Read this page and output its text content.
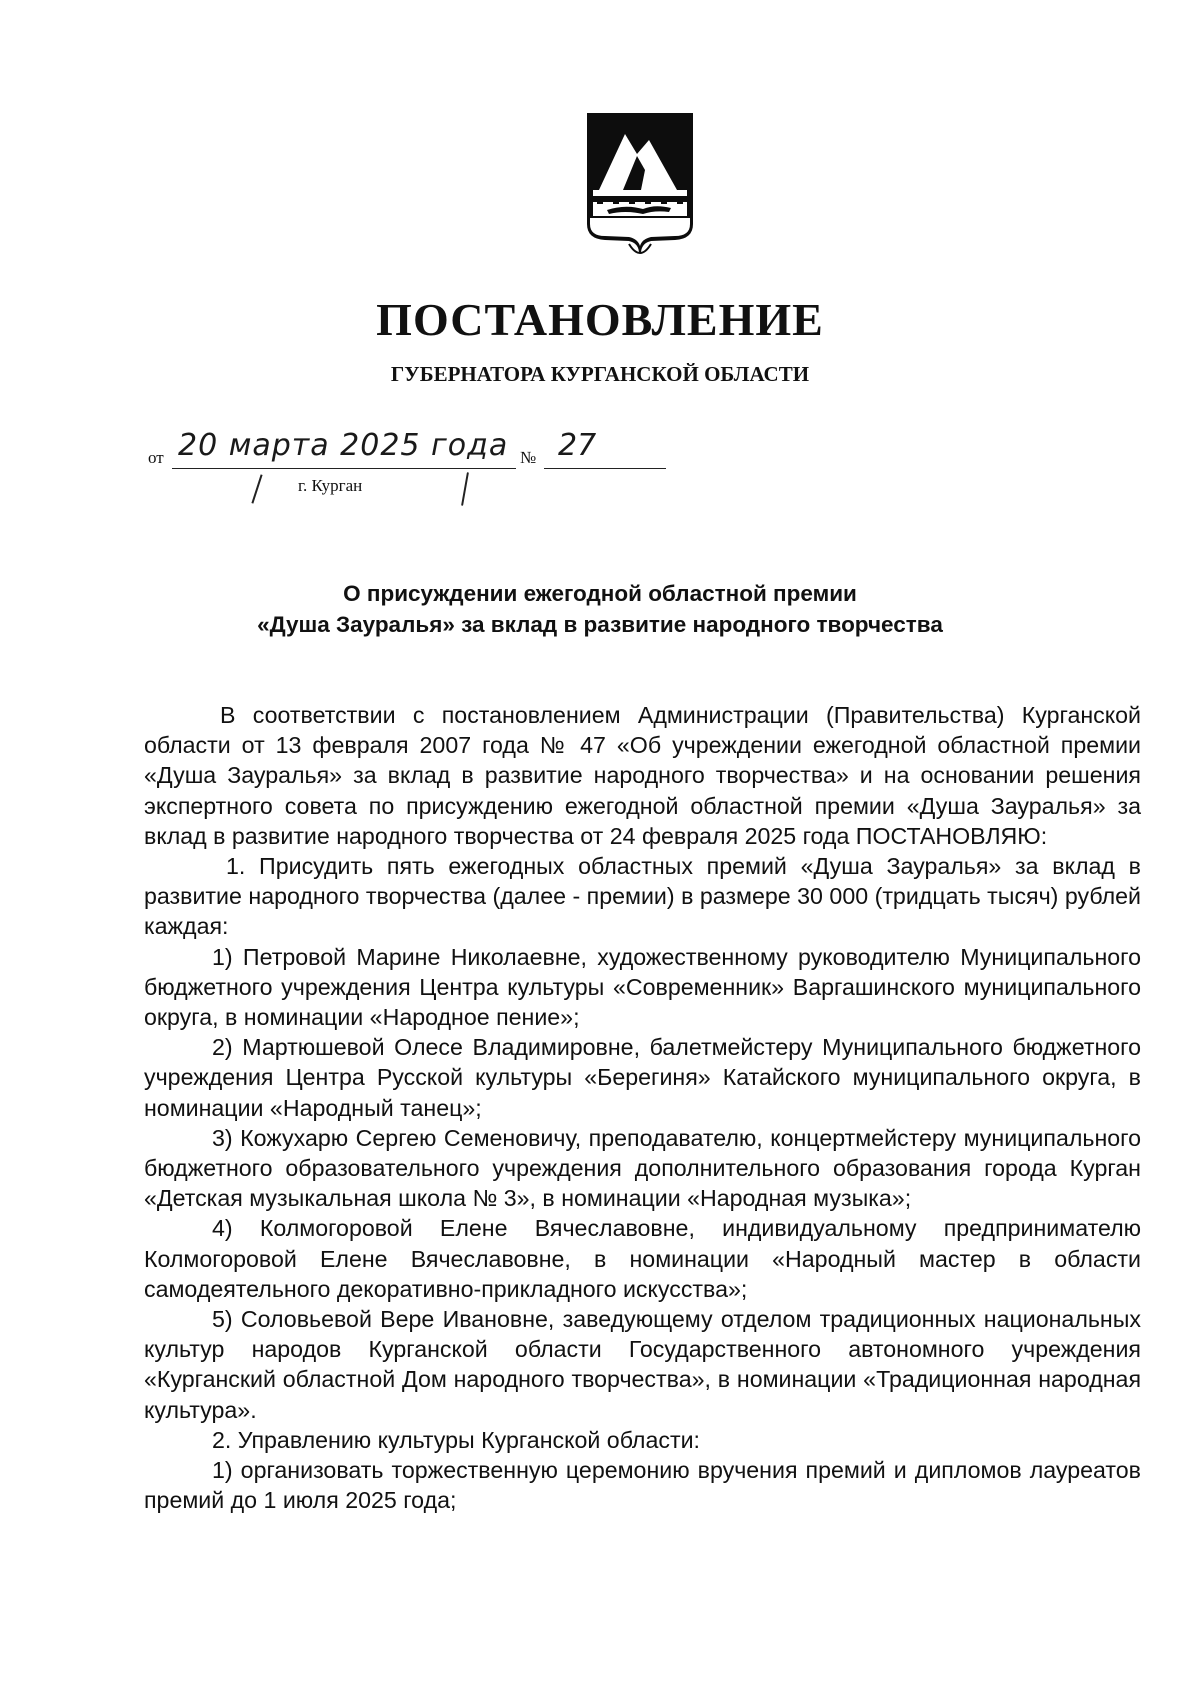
ПОСТАНОВЛЕНИЕ
ГУБЕРНАТОРА КУРГАНСКОЙ ОБЛАСТИ
от 20 марта 2025 года № 27
г. Курган
О присуждении ежегодной областной премии
«Душа Зауралья» за вклад в развитие народного творчества

В соответствии с постановлением Администрации (Правительства) Курганской области от 13 февраля 2007 года № 47 «Об учреждении ежегодной областной премии «Душа Зауралья» за вклад в развитие народного творчества» и на основании решения экспертного совета по присуждению ежегодной областной премии «Душа Зауралья» за вклад в развитие народного творчества от 24 февраля 2025 года ПОСТАНОВЛЯЮ:

1. Присудить пять ежегодных областных премий «Душа Зауралья» за вклад в развитие народного творчества (далее - премии) в размере 30 000 (тридцать тысяч) рублей каждая:

1) Петровой Марине Николаевне, художественному руководителю Муниципального бюджетного учреждения Центра культуры «Современник» Варгашинского муниципального округа, в номинации «Народное пение»;

2) Мартюшевой Олесе Владимировне, балетмейстеру Муниципального бюджетного учреждения Центра Русской культуры «Берегиня» Катайского муниципального округа, в номинации «Народный танец»;

3) Кожухарю Сергею Семеновичу, преподавателю, концертмейстеру муниципального бюджетного образовательного учреждения дополнительного образования города Курган «Детская музыкальная школа № 3», в номинации «Народная музыка»;

4) Колмогоровой Елене Вячеславовне, индивидуальному предпринимателю Колмогоровой Елене Вячеславовне, в номинации «Народный мастер в области самодеятельного декоративно-прикладного искусства»;

5) Соловьевой Вере Ивановне, заведующему отделом традиционных национальных культур народов Курганской области Государственного автономного учреждения «Курганский областной Дом народного творчества», в номинации «Традиционная народная культура».

2. Управлению культуры Курганской области:

1) организовать торжественную церемонию вручения премий и дипломов лауреатов премий до 1 июля 2025 года;
